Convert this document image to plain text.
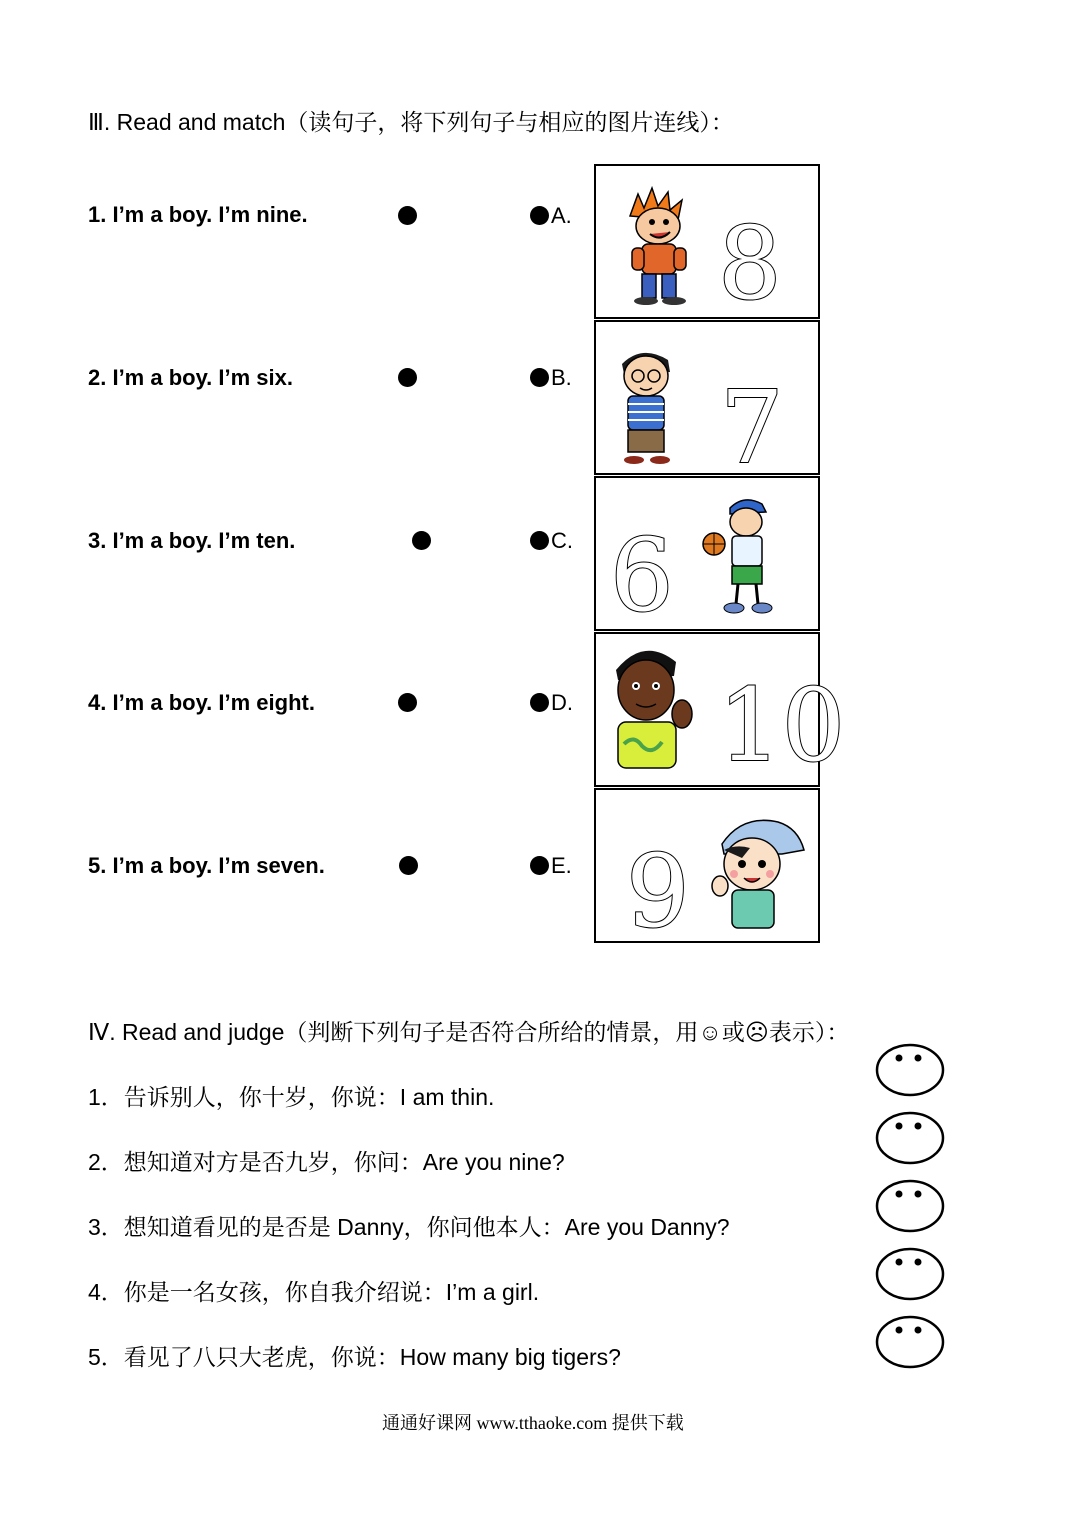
Ⅲ. Read and match（读句子，将下列句子与相应的图片连线）：
1. I’m a boy. I’m nine.
2. I’m a boy. I’m six.
3. I’m a boy. I’m ten.
4. I’m a boy. I’m eight.
5. I’m a boy. I’m seven.
A.
B.
C.
D.
E.
8
7
6
10
9
Ⅳ. Read and judge（判断下列句子是否符合所给的情景，用☺或☹表示）：
1．告诉别人，你十岁，你说：I am thin.
2．想知道对方是否九岁，你问：Are you nine?
3．想知道看见的是否是 Danny，你问他本人：Are you Danny?
4．你是一名女孩，你自我介绍说：I’m a girl.
5．看见了八只大老虎，你说：How many big tigers?
通通好课网 www.tthaoke.com 提供下载
